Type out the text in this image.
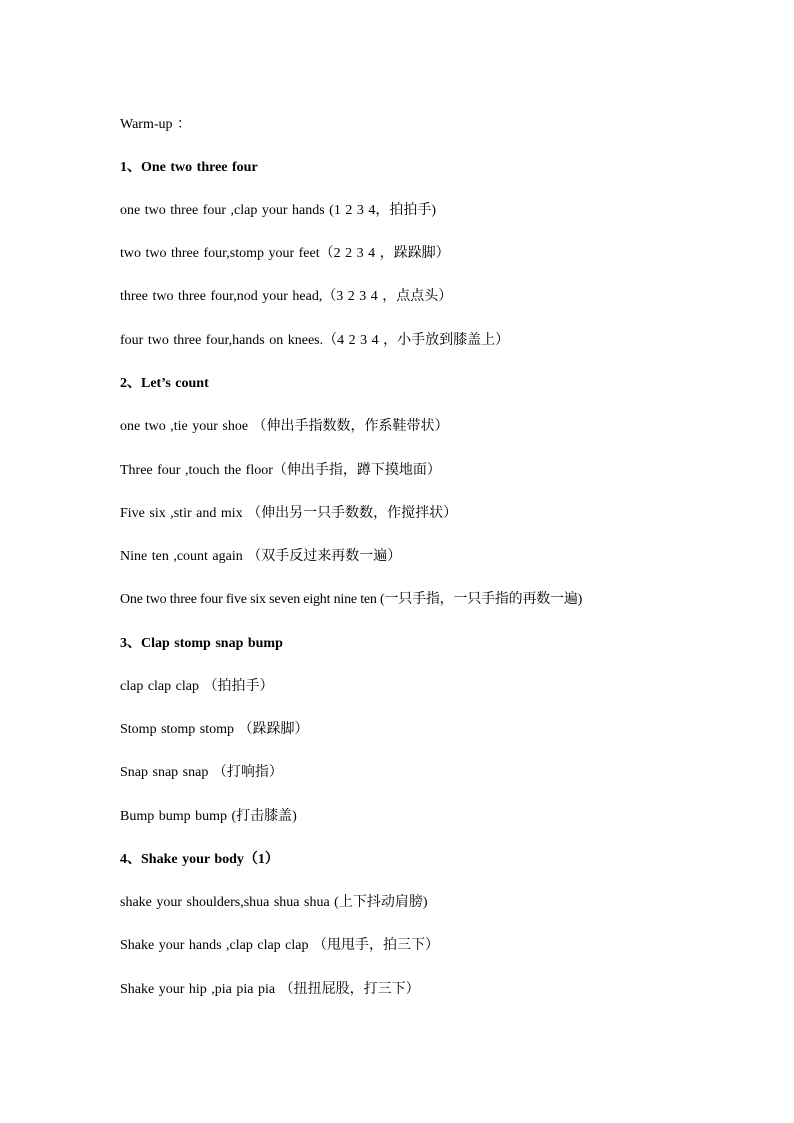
Warm-up ：
1、One two three four
one two three four ,clap your hands (1 2 3 4，拍拍手)
two two three four,stomp your feet（2 2 3 4 ，跺跺脚）
three two three four,nod your head,（3 2 3 4 ，点点头）
four two three four,hands on knees.（4 2 3 4 ，小手放到膝盖上）
2、Let’s count
one two ,tie your shoe （伸出手指数数，作系鞋带状）
Three four ,touch the floor（伸出手指，蹲下摸地面）
Five six ,stir and mix （伸出另一只手数数，作搅拌状）
Nine ten ,count again （双手反过来再数一遍）
One two three four five six seven eight nine ten (一只手指，一只手指的再数一遍)
3、Clap stomp snap bump
clap clap clap （拍拍手）
Stomp stomp stomp （跺跺脚）
Snap snap snap （打响指）
Bump bump bump (打击膝盖)
4、Shake your body（1）
shake your shoulders,shua shua shua (上下抖动肩膀)
Shake your hands ,clap clap clap （甩甩手，拍三下）
Shake your hip ,pia pia pia （扭扭屁股，打三下）
